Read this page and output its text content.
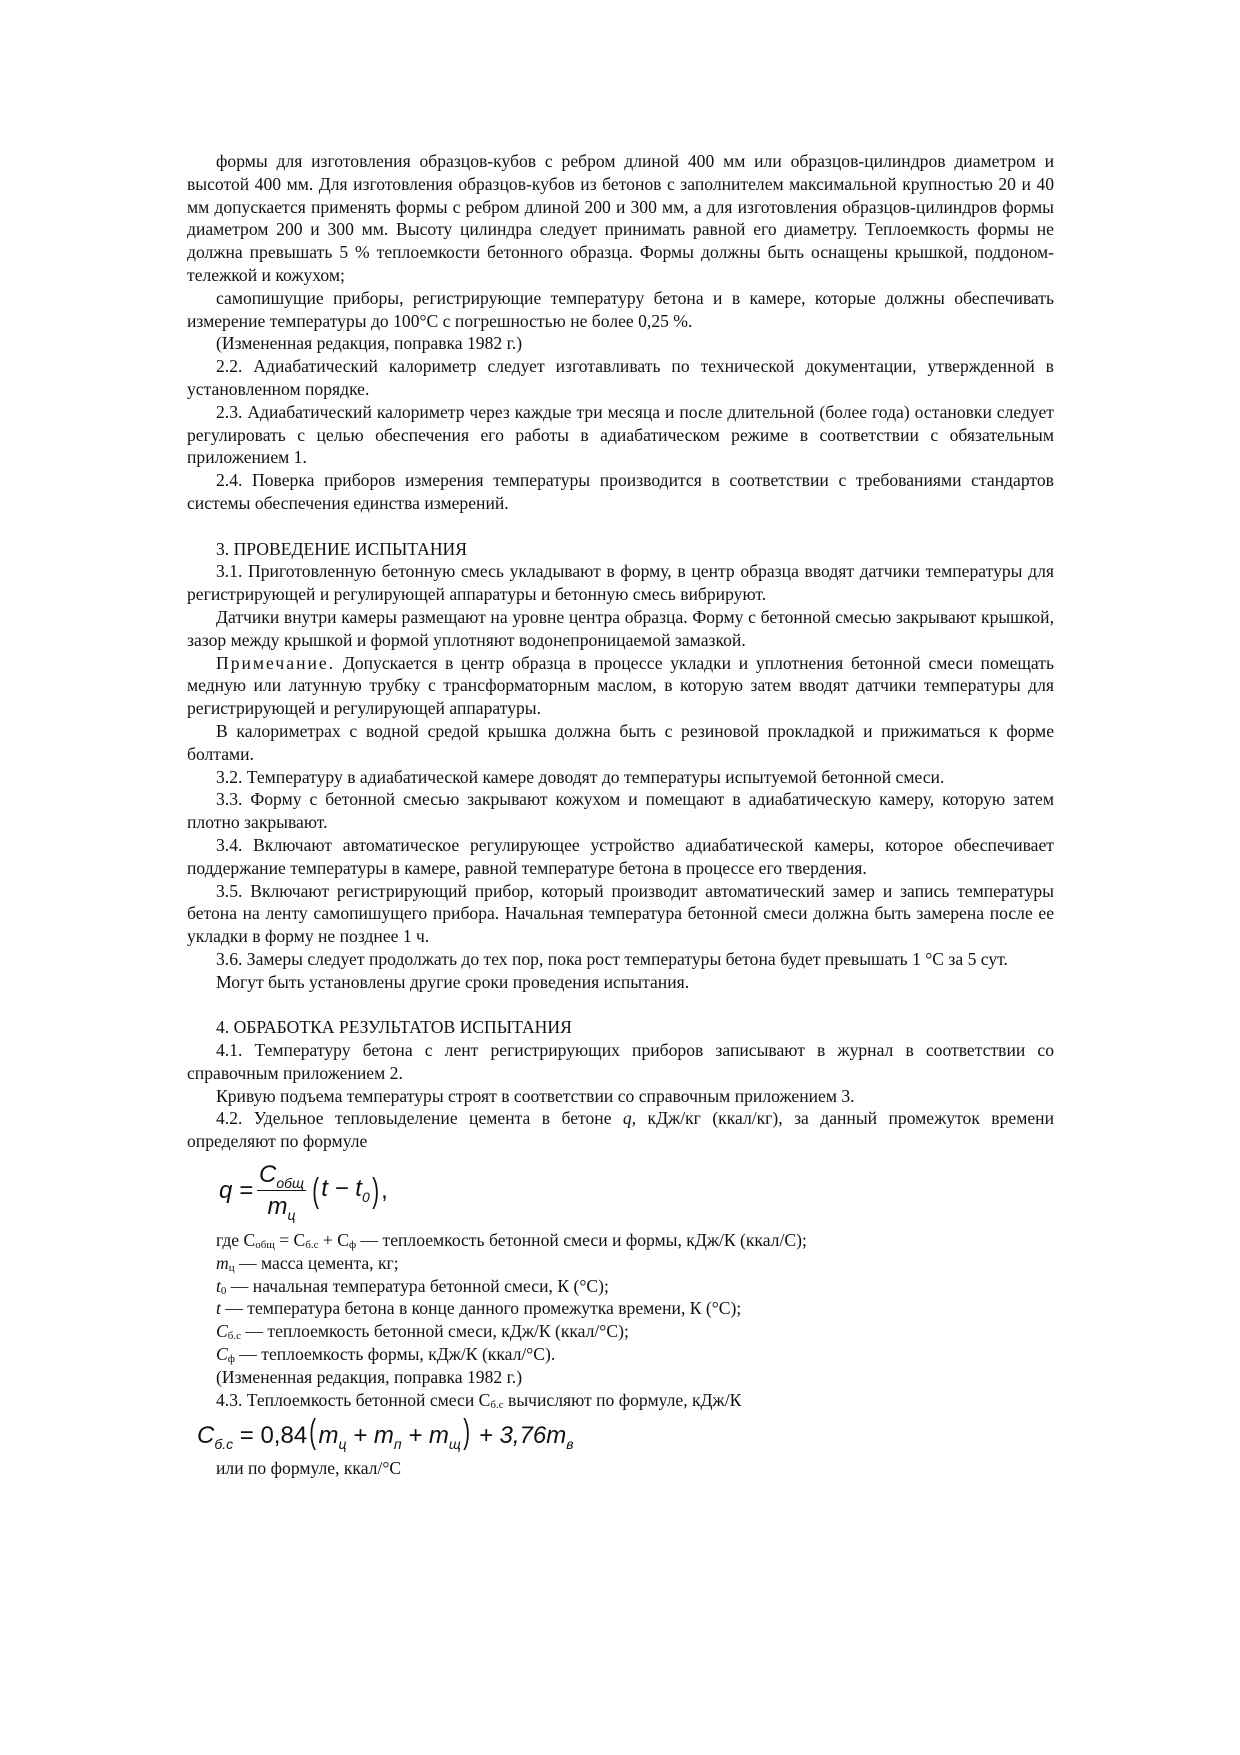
формы для изготовления образцов-кубов с ребром длиной 400 мм или образцов-цилиндров диаметром и высотой 400 мм. Для изготовления образцов-кубов из бетонов с заполнителем максимальной крупностью 20 и 40 мм допускается применять формы с ребром длиной 200 и 300 мм, а для изготовления образцов-цилиндров формы диаметром 200 и 300 мм. Высоту цилиндра следует принимать равной его диаметру. Теплоемкость формы не должна превышать 5 % теплоемкости бетонного образца. Формы должны быть оснащены крышкой, поддоном-тележкой и кожухом;

самопишущие приборы, регистрирующие температуру бетона и в камере, которые должны обеспечивать измерение температуры до 100°С с погрешностью не более 0,25 %.

(Измененная редакция, поправка 1982 г.)

2.2. Адиабатический калориметр следует изготавливать по технической документации, утвержденной в установленном порядке.

2.3. Адиабатический калориметр через каждые три месяца и после длительной (более года) остановки следует регулировать с целью обеспечения его работы в адиабатическом режиме в соответствии с обязательным приложением 1.

2.4. Поверка приборов измерения температуры производится в соответствии с требованиями стандартов системы обеспечения единства измерений.

3. ПРОВЕДЕНИЕ ИСПЫТАНИЯ

3.1. Приготовленную бетонную смесь укладывают в форму, в центр образца вводят датчики температуры для регистрирующей и регулирующей аппаратуры и бетонную смесь вибрируют.

Датчики внутри камеры размещают на уровне центра образца. Форму с бетонной смесью закрывают крышкой, зазор между крышкой и формой уплотняют водонепроницаемой замазкой.

Примечание. Допускается в центр образца в процессе укладки и уплотнения бетонной смеси помещать медную или латунную трубку с трансформаторным маслом, в которую затем вводят датчики температуры для регистрирующей и регулирующей аппаратуры.

В калориметрах с водной средой крышка должна быть с резиновой прокладкой и прижиматься к форме болтами.

3.2. Температуру в адиабатической камере доводят до температуры испытуемой бетонной смеси.

3.3. Форму с бетонной смесью закрывают кожухом и помещают в адиабатическую камеру, которую затем плотно закрывают.

3.4. Включают автоматическое регулирующее устройство адиабатической камеры, которое обеспечивает поддержание температуры в камере, равной температуре бетона в процессе его твердения.

3.5. Включают регистрирующий прибор, который производит автоматический замер и запись температуры бетона на ленту самопишущего прибора. Начальная температура бетонной смеси должна быть замерена после ее укладки в форму не позднее 1 ч.

3.6. Замеры следует продолжать до тех пор, пока рост температуры бетона будет превышать 1 °С за 5 сут.

Могут быть установлены другие сроки проведения испытания.

4. ОБРАБОТКА РЕЗУЛЬТАТОВ ИСПЫТАНИЯ

4.1. Температуру бетона с лент регистрирующих приборов записывают в журнал в соответствии со справочным приложением 2.

Кривую подъема температуры строят в соответствии со справочным приложением 3.

4.2. Удельное тепловыделение цемента в бетоне q, кДж/кг (ккал/кг), за данный промежуток времени определяют по формуле

$q = \frac{C_{общ}}{m_ц}$ ( $t - t_0$ ) ,

где $C_{общ} = C_{б.с} + C_ф$ — теплоемкость бетонной смеси и формы, кДж/К (ккал/С);

$m_ц$ — масса цемента, кг;

$t_0$ — начальная температура бетонной смеси, К (°С);

t — температура бетона в конце данного промежутка времени, К (°С);

$C_{б.с}$ — теплоемкость бетонной смеси, кДж/К (ккал/°С);

$C_ф$ — теплоемкость формы, кДж/К (ккал/°С).

(Измененная редакция, поправка 1982 г.)

4.3. Теплоемкость бетонной смеси $C_{б.с}$ вычисляют по формуле, кДж/К

$C_{б.с} = 0,84(m_ц + m_п + m_щ) + 3,76m_в$

или по формуле, ккал/°С
